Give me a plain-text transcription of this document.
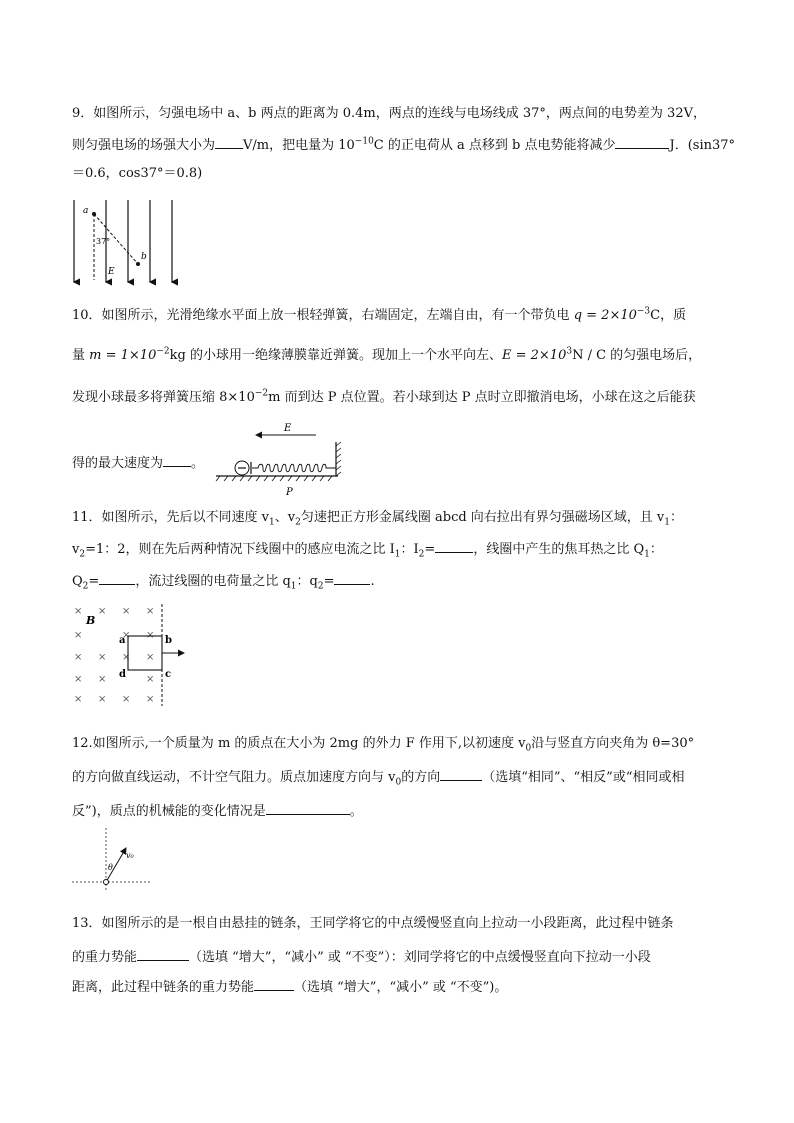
9．如图所示，匀强电场中 a、b 两点的距离为 0.4m，两点的连线与电场线成 37°，两点间的电势差为 32V，
则匀强电场的场强大小为 V/m，把电量为 $10^{-10}C$ 的正电荷从 a 点移到 b 点电势能将减少	J．(sin37°
＝0.6，cos37°＝0.8)
a
b
37°
E
10．如图所示，光滑绝缘水平面上放一根轻弹簧，右端固定，左端自由，有一个带负电 $q = 2\times 10^{-3}C$，质
量 $m = 1\times 10^{-2}kg$ 的小球用一绝缘薄膜靠近弹簧。现加上一个水平向左、$E = 2\times 10^3N / C$ 的匀强电场后，
发现小球最多将弹簧压缩 $8\times 10^{-2}m$ 而到达 P 点位置。若小球到达 P 点时立即撤消电场，小球在这之后能获
得的最大速度为 。
E
P
11．如图所示，先后以不同速度 $v_1$、$v_2$匀速把正方形金属线圈 abcd 向右拉出有界匀强磁场区域，且 $v_1$：
$v_2=1$：2，则在先后两种情况下线圈中的感应电流之比 $I_1$：$I_2=$	，线圈中产生的焦耳热之比 $Q_1$：
$Q_2=$	，流过线圈的电荷量之比 $q_1$：$q_2=$	.
× × × ×
× ×
× × × ×
× ×	×
× × × ×
×
B
a	b
c
d
12.如图所示,一个质量为 m 的质点在大小为 2mg 的外力 F 作用下,以初速度 $v_0$沿与竖直方向夹角为 θ=30°
的方向做直线运动，不计空气阻力。质点加速度方向与 $v_0$的方向	（选填“相同”、“相反”或“相同或相
反”)，质点的机械能的变化情况是	。
θ
v₀
13．如图所示的是一根自由悬挂的链条，王同学将它的中点缓慢竖直向上拉动一小段距离，此过程中链条
的重力势能	（选填 “增大”，“减小” 或 “不变”）：刘同学将它的中点缓慢竖直向下拉动一小段
距离，此过程中链条的重力势能	（选填 “增大”，“减小” 或 “不变”)。
